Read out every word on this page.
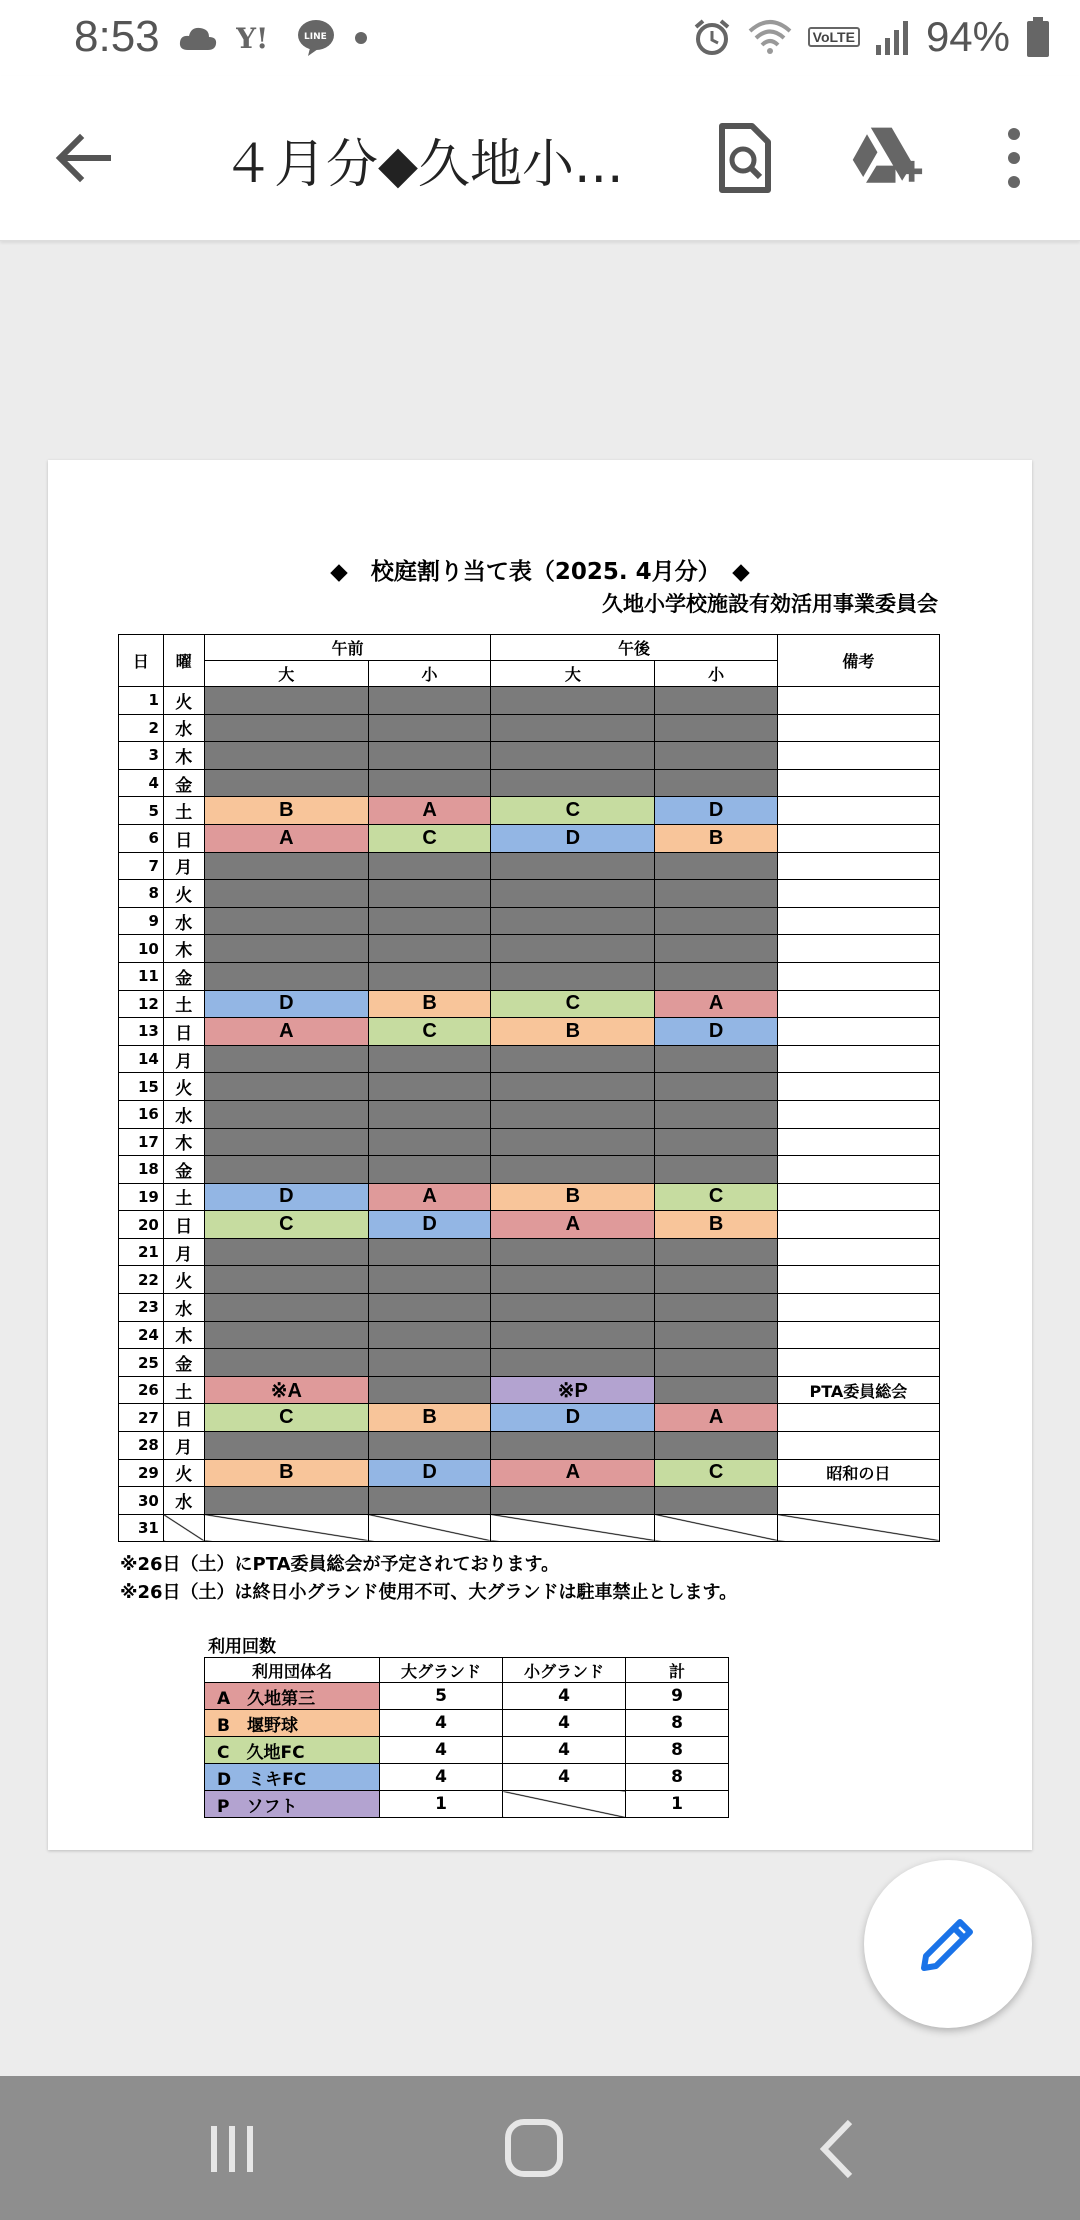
8:53	Y!	LINE	VoLTE 94%
４月分◆久地小...
◆　校庭割り当て表（2025. 4月分）　◆
久地小学校施設有効活用事業委員会
日	曜	午前		午後		備考
		大	小	大	小	
1	火					
2	水					
3	木					
4	金					
5	土	B	A	C	D	
6	日	A	C	D	B	
7	月					
8	火					
9	水					
10	木					
11	金					
12	土	D	B	C	A	
13	日	A	C	B	D	
14	月					
15	火					
16	水					
17	木					
18	金					
19	土	D	A	B	C	
20	日	C	D	A	B	
21	月					
22	火					
23	水					
24	木					
25	金					
26	土	※A		※P		PTA委員総会
27	日	C	B	D	A	
28	月					
29	火	B	D	A	C	昭和の日
30	水					
31						
※26日（土）にPTA委員総会が予定されております。
※26日（土）は終日小グランド使用不可、大グランドは駐車禁止とします。
利用回数
利用団体名	大グランド	小グランド	計
A　久地第三	5	4	9
B　堰野球	4	4	8
C　久地FC	4	4	8
D　ミキFC	4	4	8
P　ソフト	1		1
